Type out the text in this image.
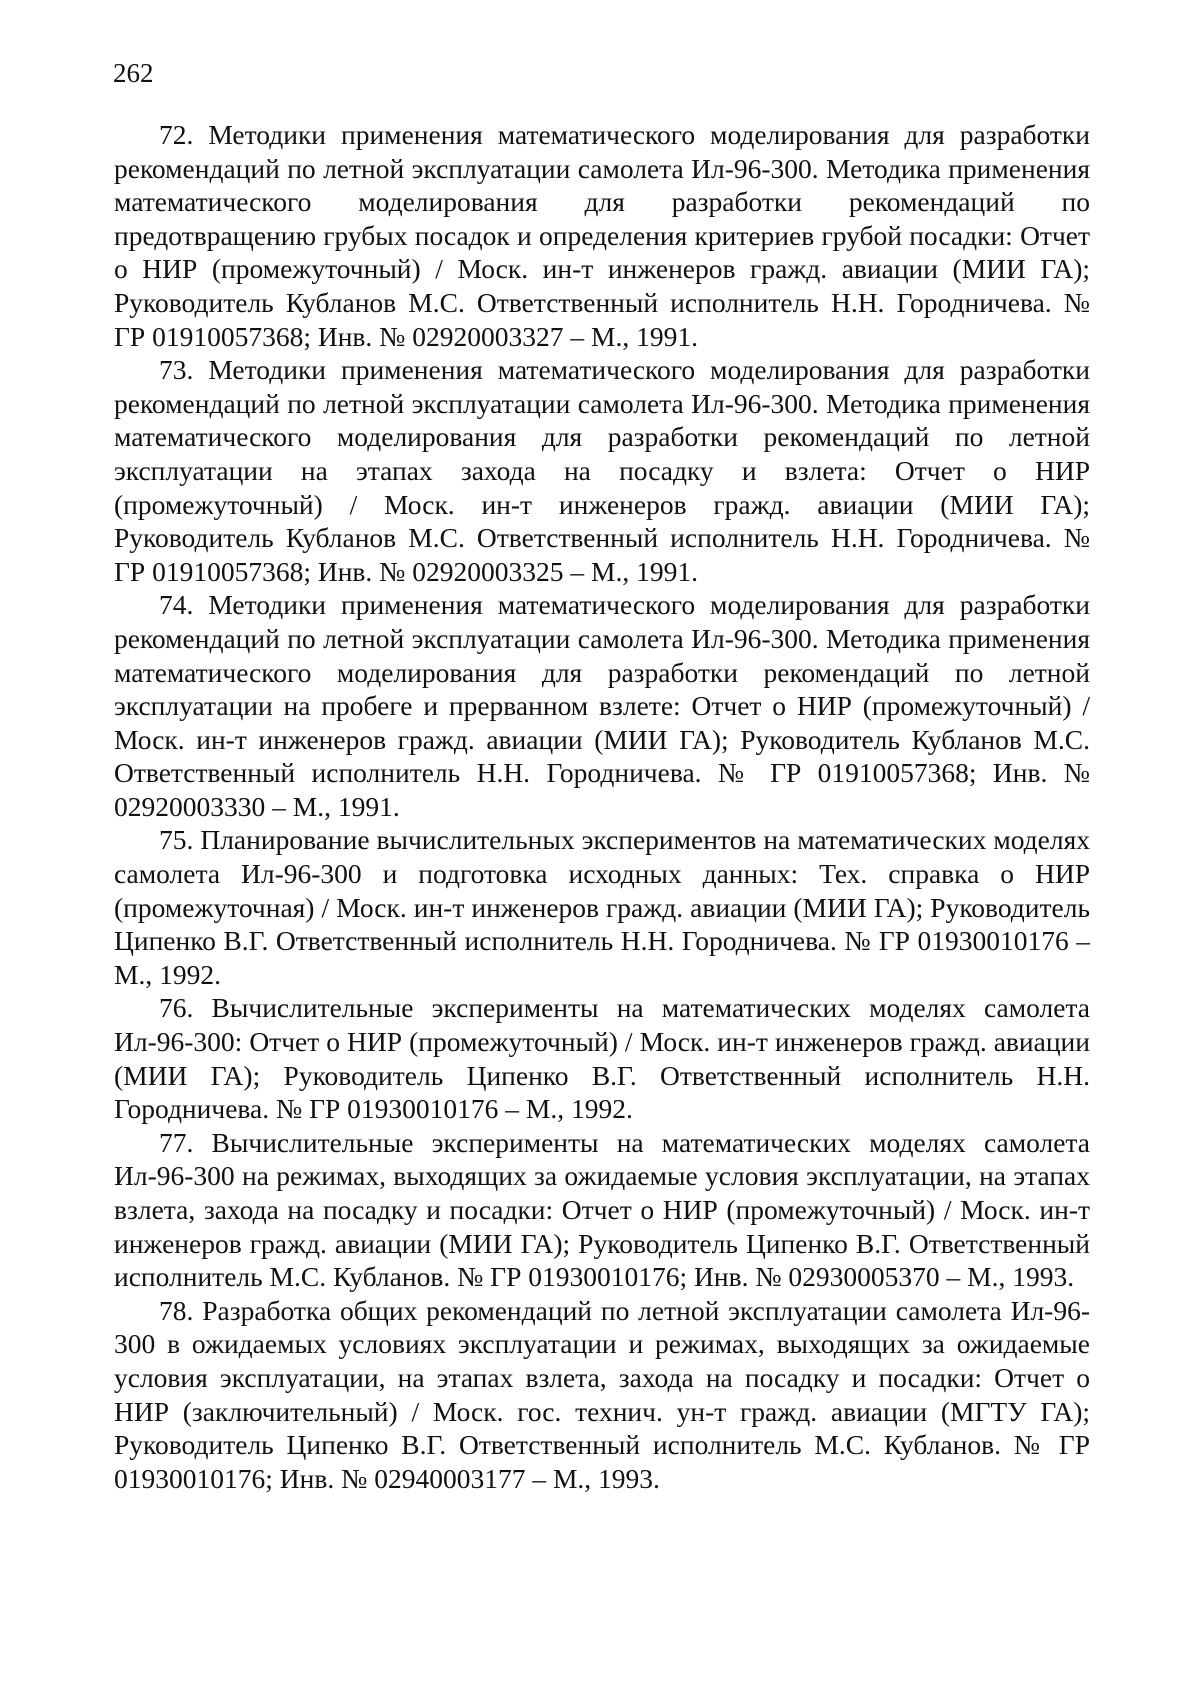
262
72. Методики применения математического моделирования для разработки рекомендаций по летной эксплуатации самолета Ил-96-300. Методика применения математического моделирования для разработки рекомендаций по предотвращению грубых посадок и определения критериев грубой посадки: Отчет о НИР (промежуточный) / Моск. ин-т инженеров гражд. авиации (МИИ ГА); Руководитель Кубланов М.С. Ответственный исполнитель Н.Н. Городничева. № ГР 01910057368; Инв. № 02920003327 – М., 1991.
73. Методики применения математического моделирования для разработки рекомендаций по летной эксплуатации самолета Ил-96-300. Методика применения математического моделирования для разработки рекомендаций по летной эксплуатации на этапах захода на посадку и взлета: Отчет о НИР (промежуточный) / Моск. ин-т инженеров гражд. авиации (МИИ ГА); Руководитель Кубланов М.С. Ответственный исполнитель Н.Н. Городничева. № ГР 01910057368; Инв. № 02920003325 – М., 1991.
74. Методики применения математического моделирования для разработки рекомендаций по летной эксплуатации самолета Ил-96-300. Методика применения математического моделирования для разработки рекомендаций по летной эксплуатации на пробеге и прерванном взлете: Отчет о НИР (промежуточный) / Моск. ин-т инженеров гражд. авиации (МИИ ГА); Руководитель Кубланов М.С. Ответственный исполнитель Н.Н. Городничева. № ГР 01910057368; Инв. № 02920003330 – М., 1991.
75. Планирование вычислительных экспериментов на математических моделях самолета Ил-96-300 и подготовка исходных данных: Тех. справка о НИР (промежуточная) / Моск. ин-т инженеров гражд. авиации (МИИ ГА); Руководитель Ципенко В.Г. Ответственный исполнитель Н.Н. Городничева. № ГР 01930010176 – М., 1992.
76. Вычислительные эксперименты на математических моделях самолета Ил-96-300: Отчет о НИР (промежуточный) / Моск. ин-т инженеров гражд. авиации (МИИ ГА); Руководитель Ципенко В.Г. Ответственный исполнитель Н.Н. Городничева. № ГР 01930010176 – М., 1992.
77. Вычислительные эксперименты на математических моделях самолета Ил-96-300 на режимах, выходящих за ожидаемые условия эксплуатации, на этапах взлета, захода на посадку и посадки: Отчет о НИР (промежуточный) / Моск. ин-т инженеров гражд. авиации (МИИ ГА); Руководитель Ципенко В.Г. Ответственный исполнитель М.С. Кубланов. № ГР 01930010176; Инв. № 02930005370 – М., 1993.
78. Разработка общих рекомендаций по летной эксплуатации самолета Ил-96-300 в ожидаемых условиях эксплуатации и режимах, выходящих за ожидаемые условия эксплуатации, на этапах взлета, захода на посадку и посадки: Отчет о НИР (заключительный) / Моск. гос. технич. ун-т гражд. авиации (МГТУ ГА); Руководитель Ципенко В.Г. Ответственный исполнитель М.С. Кубланов. № ГР 01930010176; Инв. № 02940003177 – М., 1993.
